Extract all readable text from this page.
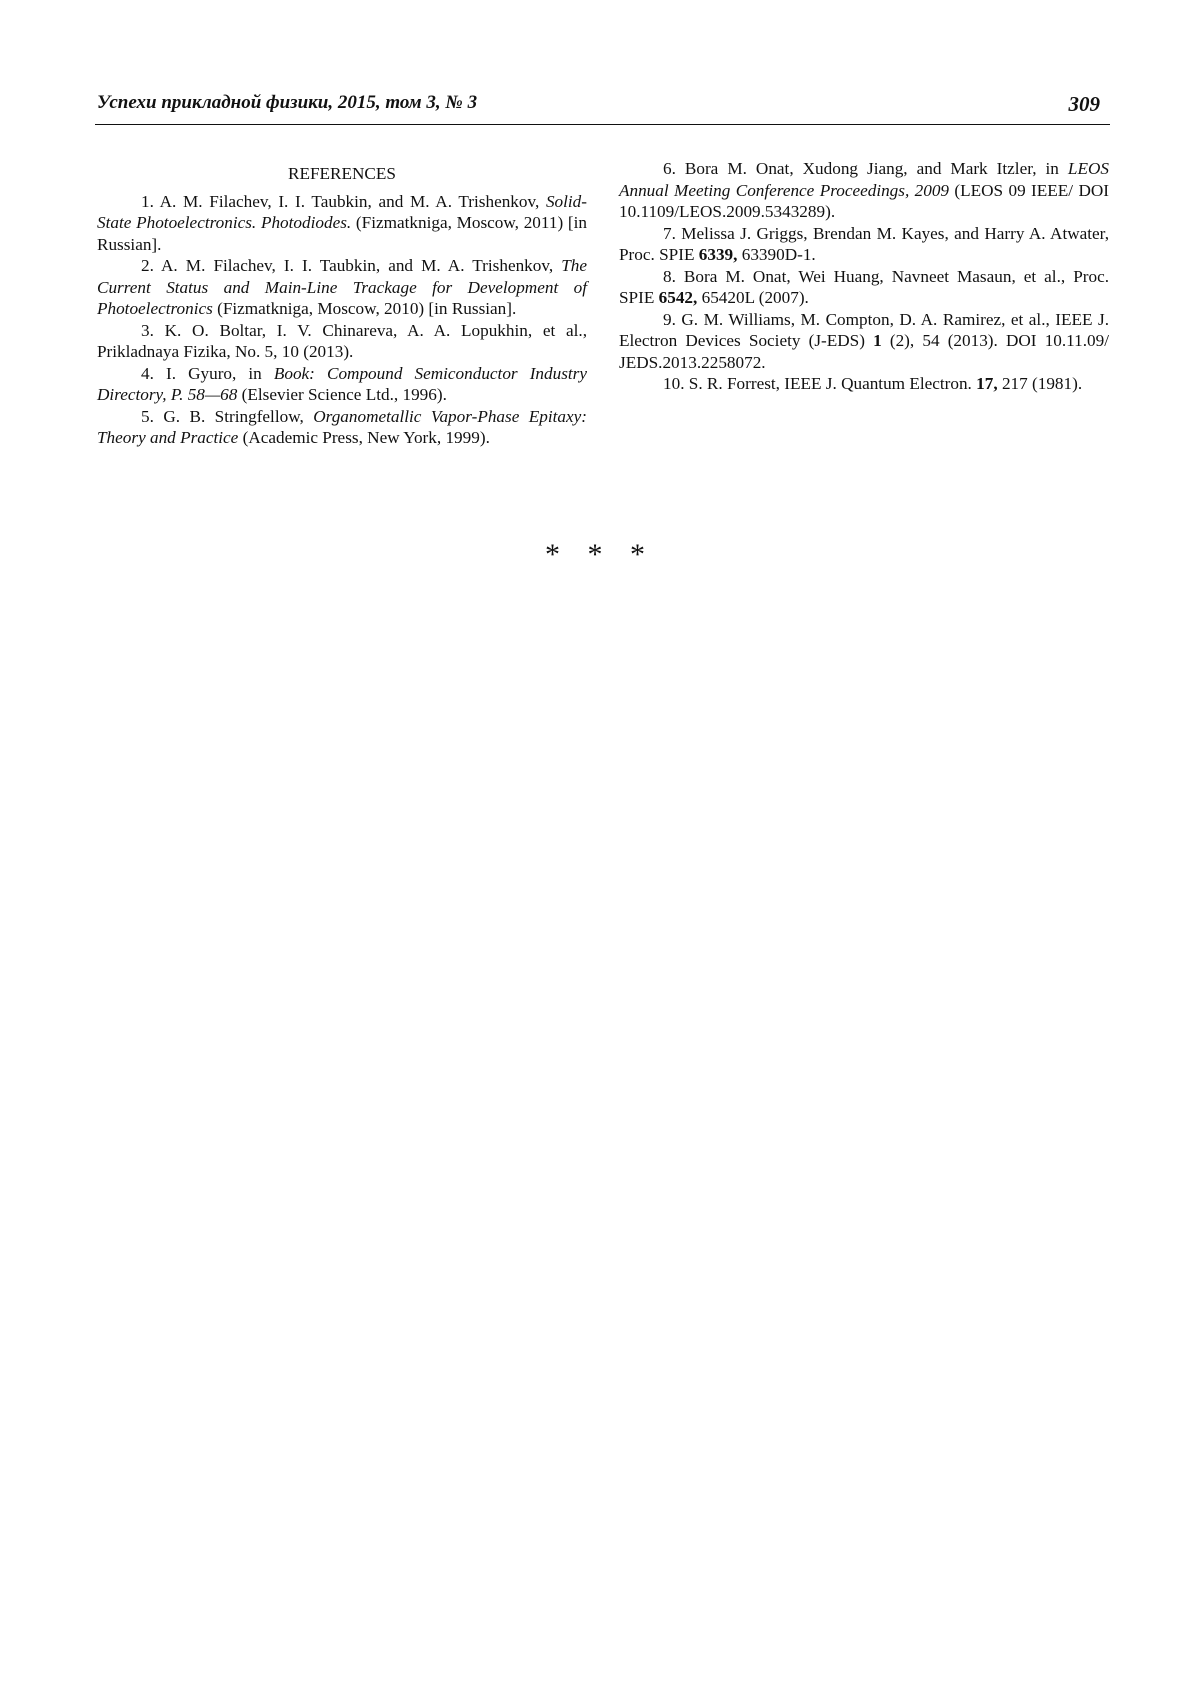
Успехи прикладной физики, 2015, том 3, № 3	309
REFERENCES

1. A. M. Filachev, I. I. Taubkin, and M. A. Trishenkov, Solid-State Photoelectronics. Photodiodes. (Fizmatkniga, Moscow, 2011) [in Russian].

2. A. M. Filachev, I. I. Taubkin, and M. A. Trishenkov, The Current Status and Main-Line Trackage for Development of Photoelectronics (Fizmatkniga, Moscow, 2010) [in Russian].

3. K. O. Boltar, I. V. Chinareva, A. A. Lopukhin, et al., Prikladnaya Fizika, No. 5, 10 (2013).

4. I. Gyuro, in Book: Compound Semiconductor Industry Directory, P. 58—68 (Elsevier Science Ltd., 1996).

5. G. B. Stringfellow, Organometallic Vapor-Phase Epitaxy: Theory and Practice (Academic Press, New York, 1999).

6. Bora M. Onat, Xudong Jiang, and Mark Itzler, in LEOS Annual Meeting Conference Proceedings, 2009 (LEOS 09 IEEE/ DOI 10.1109/LEOS.2009.5343289).

7. Melissa J. Griggs, Brendan M. Kayes, and Harry A. Atwater, Proc. SPIE 6339, 63390D-1.

8. Bora M. Onat, Wei Huang, Navneet Masaun, et al., Proc. SPIE 6542, 65420L (2007).

9. G. M. Williams, M. Compton, D. A. Ramirez, et al., IEEE J. Electron Devices Society (J-EDS) 1 (2), 54 (2013). DOI 10.11.09/ JEDS.2013.2258072.

10. S. R. Forrest, IEEE J. Quantum Electron. 17, 217 (1981).

* * *
